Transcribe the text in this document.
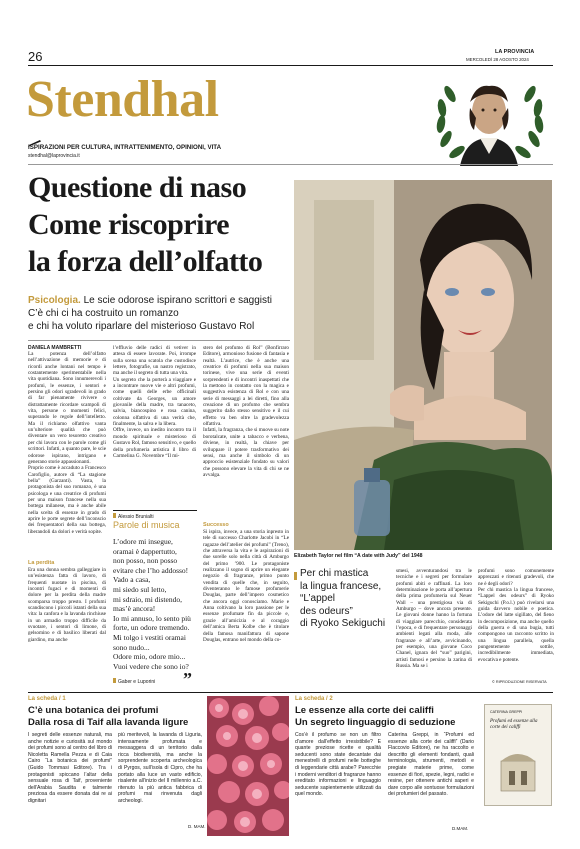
26	LA PROVINCIA
MERCOLEDÌ 28 AGOSTO 2024
Stendhal
ISPIRAZIONI PER CULTURA, INTRATTENIMENTO, OPINIONI, VITA
stendhal@laprovincia.it
Questione di naso
Come riscoprire
la forza dell’olfatto
Psicologia. Le scie odorose ispirano scrittori e saggisti
C’è chi ci ha costruito un romanzo
e chi ha voluto riparlare del misterioso Gustavo Rol
Elizabeth Taylor nel film “A date with Judy” del 1948
DANIELA MAMBRETTI
La potenza dell’olfatto nell’attivazione di memorie e di ricordi anche lontani nel tempo è costantemente sperimentabile nella vita quotidiana. Sono innumerevoli i profumi, le essenze, i sentori e persino gli odori sgradevoli in grado di far pienamente rivivere o distrattamente ricordare scampoli di vita, persone o momenti felici, superando le regole dell’intelletto. Ma il richiamo olfattivo vanta un’ulteriore qualità che può diventare un vero tesoretto creativo per chi lavora con le parole come gli scrittori. Infatti, a quanto pare, le scie odorose ispirano, intrigano e generano storie appassionanti.
Proprio come è accaduto a Francesco Carofiglio, autore di “La stagione bella” (Garzanti). Vasta, la protagonista del suo romanzo, è una psicologa e una creatrice di profumi per una maison francese nella sua bottega milanese, ma è anche abile nella scelta di essenze in grado di aprire le porte segrete dell’inconscio dei frequentatori della sua bottega, liberandoli da dolori e verità sopite.
La perdita
Era una donna sembra galleggiare in un’esistenza fatta di lavoro, di frequenti nuotate in piscina, di incontri fugaci e di momenti di dolore per la perdita della madre scomparsa troppo presto. I profumi scandiscono i piccoli istanti della sua vita: la canfora e la lavanda rinchiuse in un armadio troppo difficile da svuotare, i sentori di limone, di gelsomino e di basilico liberati dal giardino, ma anche
l’effluvio delle radici di vetiver in attesa di essere lavorate. Poi, irrompe sulla scena una scatola che custodisce lettere, fotografie, un nastro registrato, ma anche il segreto di tutta una vita.
Un segreto che la porterà a viaggiare e a incontrare nuove vie e altri profumi, come quelli delle erbe officinali coltivate da Georges, un amore giovanile della madre, tra tanaceto, salvia, biancospino e rosa canina, colonna olfattiva di una verità che, finalmente, la salva e la libera.
Offre, invece, un inedito incontro tra il mondo spirituale e misterioso di Gustavo Rol, famoso sensitivo, e quello della profumeria artistica il libro di Carmelina G. Novembre “Il mi-
stero del profumo di Rol” (Bonfirraro Editore), armonioso fusione di fantasia e realtà. L’autrice, che è anche una creatrice di profumi nella sua maison torinese, vive una serie di eventi sorprendenti e di incontri inaspettati che la mettono in contatto con la magica e suggestiva esistenza di Rol e con una serie di messaggi a lei diretti, fino alla creazione di un profumo che sembra suggerito dallo stesso sensitivo e il cui effetto va ben oltre la gradevolezza olfattiva.
Infatti, la fragranza, che si muove su note borotalcate, unite a tabacco e verbena, diviene, in realtà, la chiave per sviluppare il potere trasformativo dei sensi, ma anche il simbolo di un approccio esistenziale fondato su valori che possono elevare la vita di chi se ne avvalga.
Successo
Si ispira, invece, a una storia inpresto in tele di successo Charlotte Jacobi in “Le ragazze dell’atelier dei profumi” (Treno), che attraversa la vita e le aspirazioni di due sorelle solo nella città di Amburgo del primo ’900. Le protagoniste realizzano il sogno di aprire un elegante negozio di fragranze, primo punto vendita di quelle che, in seguito, diventeranno le famose profumerie Douglas, parte dell’impero cosmetico che ancora oggi conosciamo. Marie e Anna coltivano la loro passione per le essenze profumate fin da piccole e, grazie all’amicizia e al coraggio dell’amica Berta Kolbe che è titolare della famosa manifattura di sapone Douglas, entrano nel mondo della co-
Alessio Brunialti
Parole di musica
L’odore mi insegue,
oramai è dappertutto,
non posso, non posso
evitare che l’ho addosso!
Vado a casa,
mi siedo sul letto,
mi sdraio, mi distendo,
mas’è ancora!
Io mi annuso, lo sento più
forte, un odore tremendo.
Mi tolgo i vestiti oramai
sono nudo...
Odore mio, odore mio...
Vuoi vedere che sono io?
Gaber e Luporini ”
Per chi mastica
la lingua francese,
“L’appel
des odeurs”
di Ryoko Sekiguchi
smesi, avventurandosi tra le tecniche e i segreti per formulare profumi abiti e raffinati. La loro determinazione le porta all’apertura della prima profumeria sul Neuer Wall – una prestigiosa via di Amburgo – dove ancora presente. Le giovani donne hanno la fortuna di viaggiare parecchio, considerata l’epoca, e di frequentare personaggi ambienti legati alla moda, alle fragranze e all’arte, avvicinando, per esempio, una giovane Coco Chanel, ignara del “suo” parigini, artisti famosi e persino la zarina di Russia. Ma se i
profumi sono comunemente apprezzati e ritenuti gradevoli, che ne è degli odori?
Per chi mastica la lingua francese, “Lappel des odeurs” di Ryoko Sekiguchi (P.o.l.) può rivelarsi una guida davvero nobile e poetica. L’odore del latte sigillato, del fieno in decomposizione, ma anche quello della guerra e di una bugia, tutti compongono un racconto scritto in una lingua parallela, quella pungentemente sottile, incredibilmente immediata, evocativa e potente.
© RIPRODUZIONE RISERVATA
La scheda / 1
C’è una botanica dei profumi
Dalla rosa di Taif alla lavanda ligure
I segreti delle essenze naturali, ma anche notizie e curiosità sul mondo dei profumi sono al centro del libro di Nicoletta Ramella Pezza e di Caia Cairo “La botanica dei profumi” (Guido Tommasi Editore). Tra i protagonisti spiccano l’altar della sensuale rosa di Taif, proveniente dell’Arabia Saudita e talmente preziosa da essere donata dai re ai dignitari
più meritevoli, la lavanda di Liguria, intensamente profumata e messaggera di un territorio dalla ricca biodiversità, ma anche la sorprendente scoperta archeologica di Pyrgos, sull’isola di Cipro, che ha portato alla luce un vasto edificio, risalente all’inizio del II millennio a.C. ritenuto la più antica fabbrica di profumi mai rinvenuta dagli archeologi.
D. MAM.
La scheda / 2
Le essenze alla corte dei califfi
Un segreto linguaggio di seduzione
Cos’è il profumo se non un filtro d’amore dall’effetto irresistibile? E quante preziose ricette e qualità seducenti sono state decantate dai menestrelli di profumi nelle botteghe di leggendarie città arabe? Parecchie i moderni venditori di fragranze hanno ereditato informazioni e linguaggio seducente sapientemente utilizzati da quel mondo.
Caterina Greppi, in “Profumi ed essenze alla corte dei califfi” (Dario Flaccovio Editore), ne ha raccolto e descritto gli elementi fondanti, quali terminologia, strumenti, metodi e pregiate materie prime, come essenze di fiori, spezie, legni, radici e resine, per ottenere antichi saperi e dare corpo alle sontuose formulazioni dei profumieri del passato.
D.MAM.
CATERINA GREPPI
Profumi ed essenze alla corte dei califfi
